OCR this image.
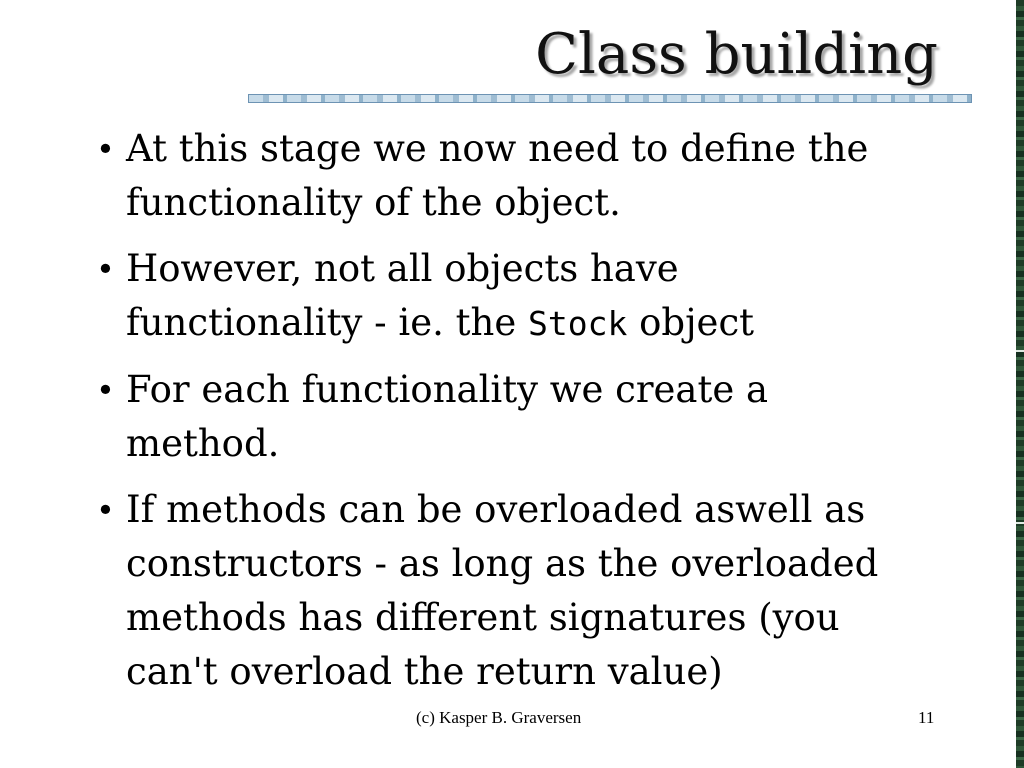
Class building
• At this stage we now need to define the functionality of the object.
• However, not all objects have functionality - ie. the Stock object
• For each functionality we create a method.
• If methods can be overloaded aswell as constructors - as long as the overloaded methods has different signatures (you can't overload the return value)
(c) Kasper B. Graversen	11
